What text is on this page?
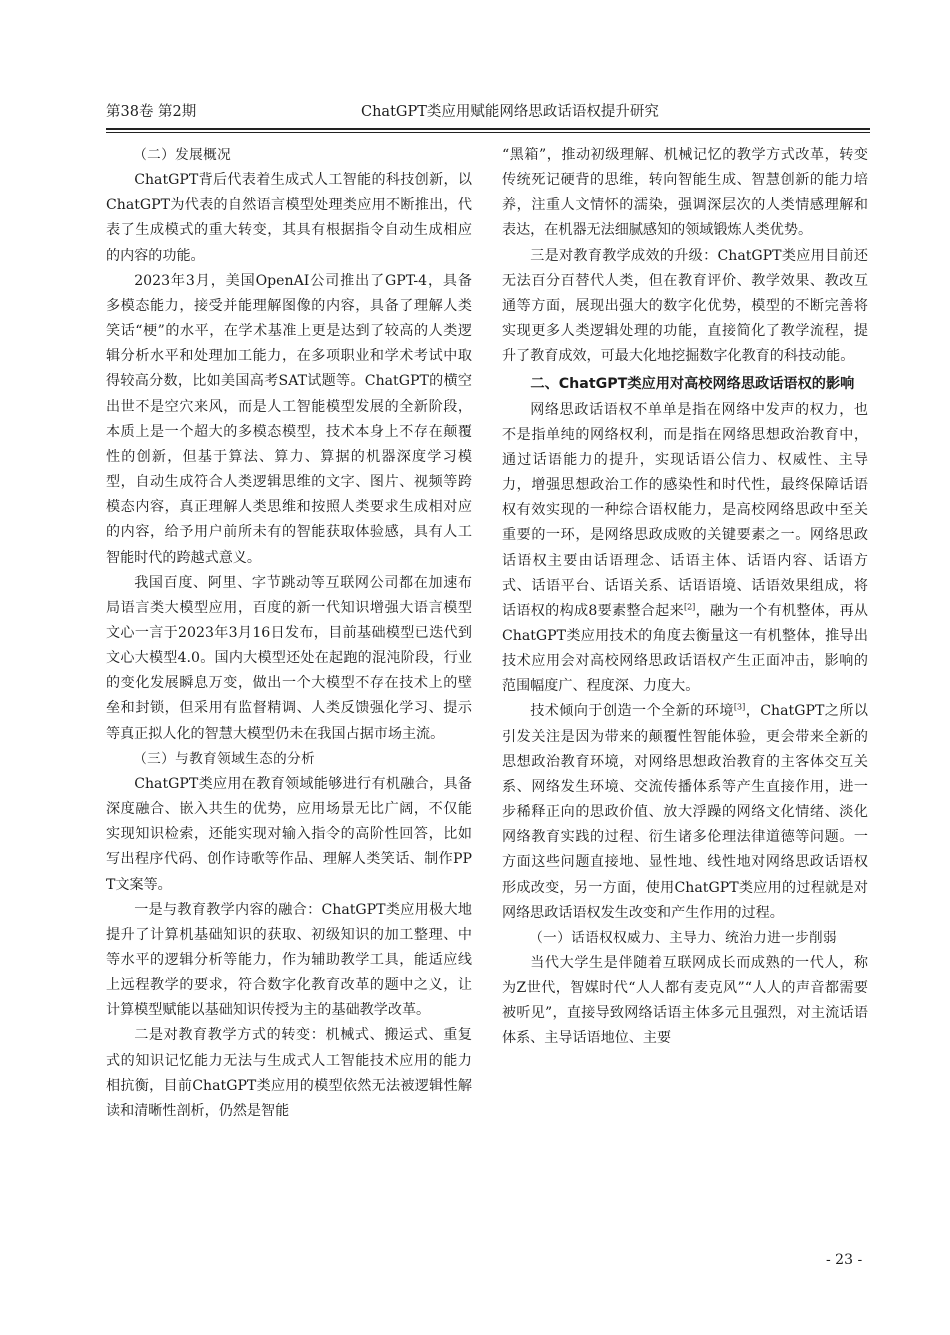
第38卷 第2期	ChatGPT类应用赋能网络思政话语权提升研究

（二）发展概况

ChatGPT背后代表着生成式人工智能的科技创新，以ChatGPT为代表的自然语言模型处理类应用不断推出，代表了生成模式的重大转变，其具有根据指令自动生成相应的内容的功能。

2023年3月，美国OpenAI公司推出了GPT-4，具备多模态能力，接受并能理解图像的内容，具备了理解人类笑话“梗”的水平，在学术基准上更是达到了较高的人类逻辑分析水平和处理加工能力，在多项职业和学术考试中取得较高分数，比如美国高考SAT试题等。ChatGPT的横空出世不是空穴来风，而是人工智能模型发展的全新阶段，本质上是一个超大的多模态模型，技术本身上不存在颠覆性的创新，但基于算法、算力、算据的机器深度学习模型，自动生成符合人类逻辑思维的文字、图片、视频等跨模态内容，真正理解人类思维和按照人类要求生成相对应的内容，给予用户前所未有的智能获取体验感，具有人工智能时代的跨越式意义。

我国百度、阿里、字节跳动等互联网公司都在加速布局语言类大模型应用，百度的新一代知识增强大语言模型文心一言于2023年3月16日发布，目前基础模型已迭代到文心大模型4.0。国内大模型还处在起跑的混沌阶段，行业的变化发展瞬息万变，做出一个大模型不存在技术上的壁垒和封锁，但采用有监督精调、人类反馈强化学习、提示等真正拟人化的智慧大模型仍未在我国占据市场主流。

（三）与教育领域生态的分析

ChatGPT类应用在教育领域能够进行有机融合，具备深度融合、嵌入共生的优势，应用场景无比广阔，不仅能实现知识检索，还能实现对输入指令的高阶性回答，比如写出程序代码、创作诗歌等作品、理解人类笑话、制作PPT文案等。

一是与教育教学内容的融合：ChatGPT类应用极大地提升了计算机基础知识的获取、初级知识的加工整理、中等水平的逻辑分析等能力，作为辅助教学工具，能适应线上远程教学的要求，符合数字化教育改革的题中之义，让计算模型赋能以基础知识传授为主的基础教学改革。

二是对教育教学方式的转变：机械式、搬运式、重复式的知识记忆能力无法与生成式人工智能技术应用的能力相抗衡，目前ChatGPT类应用的模型依然无法被逻辑性解读和清晰性剖析，仍然是智能

“黑箱”，推动初级理解、机械记忆的教学方式改革，转变传统死记硬背的思维，转向智能生成、智慧创新的能力培养，注重人文情怀的濡染，强调深层次的人类情感理解和表达，在机器无法细腻感知的领域锻炼人类优势。

三是对教育教学成效的升级：ChatGPT类应用目前还无法百分百替代人类，但在教育评价、教学效果、教改互通等方面，展现出强大的数字化优势，模型的不断完善将实现更多人类逻辑处理的功能，直接简化了教学流程，提升了教育成效，可最大化地挖掘数字化教育的科技动能。

二、ChatGPT类应用对高校网络思政话语权的影响

网络思政话语权不单单是指在网络中发声的权力，也不是指单纯的网络权利，而是指在网络思想政治教育中，通过话语能力的提升，实现话语公信力、权威性、主导力，增强思想政治工作的感染性和时代性，最终保障话语权有效实现的一种综合语权能力，是高校网络思政中至关重要的一环，是网络思政成败的关键要素之一。网络思政话语权主要由话语理念、话语主体、话语内容、话语方式、话语平台、话语关系、话语语境、话语效果组成，将话语权的构成8要素整合起来[2]，融为一个有机整体，再从ChatGPT类应用技术的角度去衡量这一有机整体，推导出技术应用会对高校网络思政话语权产生正面冲击，影响的范围幅度广、程度深、力度大。

技术倾向于创造一个全新的环境[3]，ChatGPT之所以引发关注是因为带来的颠覆性智能体验，更会带来全新的思想政治教育环境，对网络思想政治教育的主客体交互关系、网络发生环境、交流传播体系等产生直接作用，进一步稀释正向的思政价值、放大浮躁的网络文化情绪、淡化网络教育实践的过程、衍生诸多伦理法律道德等问题。一方面这些问题直接地、显性地、线性地对网络思政话语权形成改变，另一方面，使用ChatGPT类应用的过程就是对网络思政话语权发生改变和产生作用的过程。

（一）话语权权威力、主导力、统治力进一步削弱

当代大学生是伴随着互联网成长而成熟的一代人，称为Z世代，智媒时代“人人都有麦克风”“人人的声音都需要被听见”，直接导致网络话语主体多元且强烈，对主流话语体系、主导话语地位、主要

- 23 -
